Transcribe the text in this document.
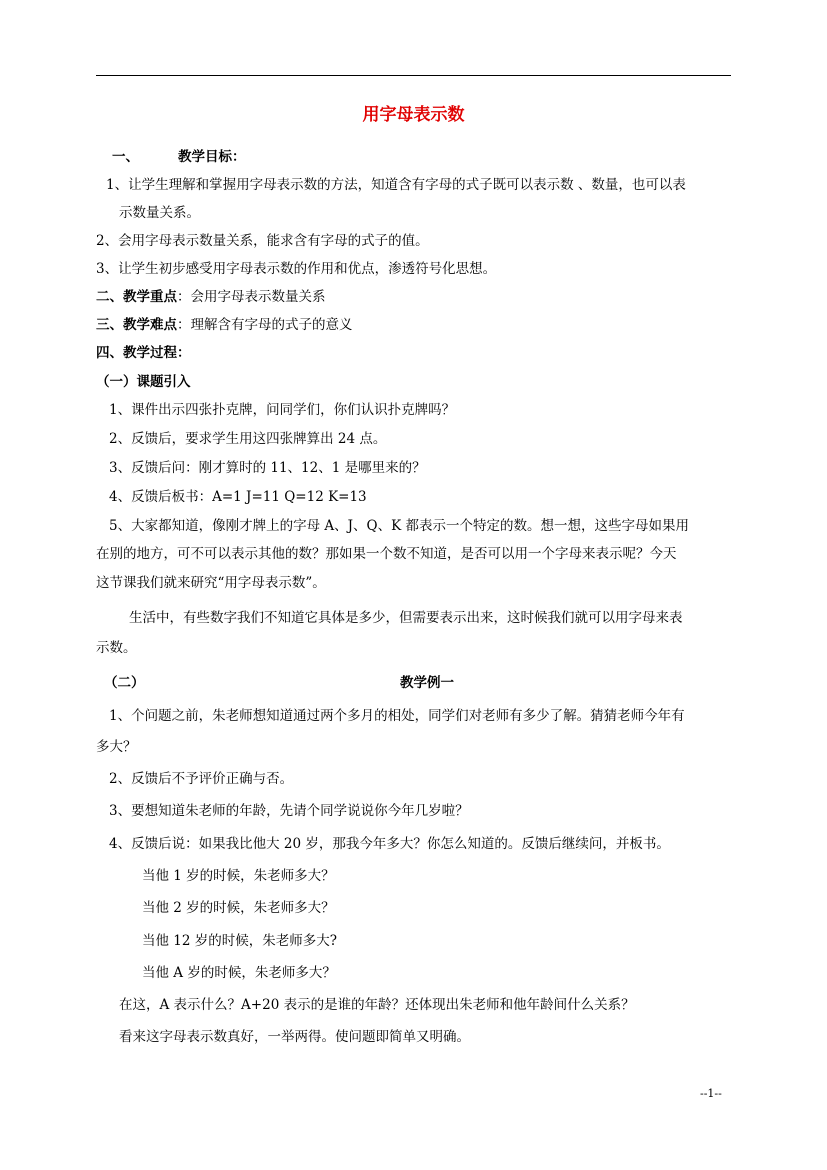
用字母表示数
一、	教学目标：
1、让学生理解和掌握用字母表示数的方法，知道含有字母的式子既可以表示数 、数量，也可以表
示数量关系。
2、会用字母表示数量关系，能求含有字母的式子的值。
3、让学生初步感受用字母表示数的作用和优点，渗透符号化思想。
二、教学重点：会用字母表示数量关系
三、教学难点：理解含有字母的式子的意义
四、教学过程：
（一）课题引入
1、课件出示四张扑克牌，问同学们，你们认识扑克牌吗？
2、反馈后，要求学生用这四张牌算出 24 点。
3、反馈后问：刚才算时的 11、12、1 是哪里来的？
4、反馈后板书：A=1 J=11 Q=12 K=13
5、大家都知道，像刚才牌上的字母 A、J、Q、K 都表示一个特定的数。想一想，这些字母如果用
在别的地方，可不可以表示其他的数？那如果一个数不知道，是否可以用一个字母来表示呢？今天
这节课我们就来研究“用字母表示数”。
生活中，有些数字我们不知道它具体是多少，但需要表示出来，这时候我们就可以用字母来表
示数。
（二）	教学例一
1、个问题之前，朱老师想知道通过两个多月的相处，同学们对老师有多少了解。猜猜老师今年有
多大？
2、反馈后不予评价正确与否。
3、要想知道朱老师的年龄，先请个同学说说你今年几岁啦？
4、反馈后说：如果我比他大 20 岁，那我今年多大？你怎么知道的。反馈后继续问，并板书。
当他 1 岁的时候，朱老师多大？
当他 2 岁的时候，朱老师多大？
当他 12 岁的时候，朱老师多大?
当他 A 岁的时候，朱老师多大？
在这，A 表示什么？A+20 表示的是谁的年龄？还体现出朱老师和他年龄间什么关系？
看来这字母表示数真好，一举两得。使问题即简单又明确。
--1--
